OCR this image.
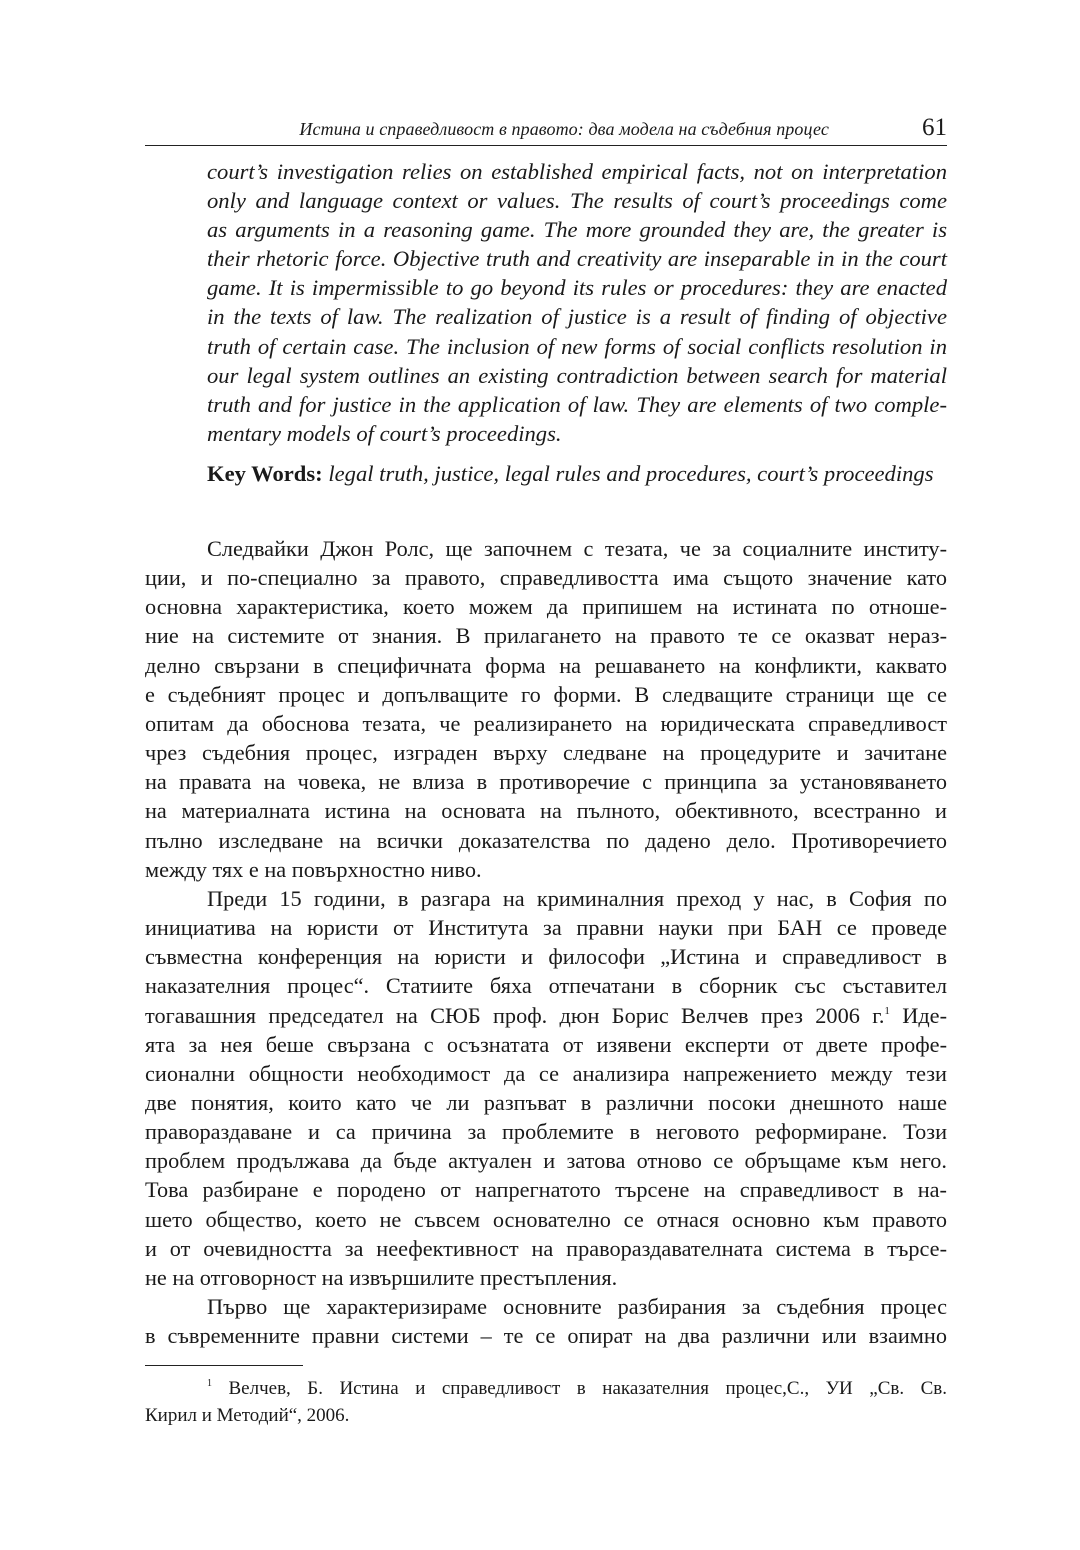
Истина и справедливост в правото: два модела на съдебния процес	61
court’s investigation relies on established empirical facts, not on interpretation
only and language context or values. The results of court’s proceedings come
as arguments in a reasoning game. The more grounded they are, the greater is
their rhetoric force. Objective truth and creativity are inseparable in in the court
game. It is impermissible to go beyond its rules or procedures: they are enacted
in the texts of law. The realization of justice is a result of finding of objective
truth of certain case. The inclusion of new forms of social conflicts resolution in
our legal system outlines an existing contradiction between search for material
truth and for justice in the application of law. They are elements of two comple-
mentary models of court’s proceedings.
Key Words: legal truth, justice, legal rules and procedures, court’s proceedings
Следвайки Джон Ролс, ще започнем с тезата, че за социалните институ-
ции, и по-специално за правото, справедливостта има същото значение като
основна характеристика, което можем да припишем на истината по отноше-
ние на системите от знания. В прилагането на правото те се оказват нераз-
делно свързани в специфичната форма на решаването на конфликти, каквато
е съдебният процес и допълващите го форми. В следващите страници ще се
опитам да обосновa тезата, че реализирането на юридическата справедливост
чрез съдебния процес, изграден върху следване на процедурите и зачитане
на правата на човека, не влиза в противоречие с принципа за установяването
на материалната истина на основата на пълното, обективното, всестранно и
пълно изследване на всички доказателства по дадено дело. Противоречието
между тях е на повърхностно ниво.
Преди 15 години, в разгара на криминалния преход у нас, в София по
инициатива на юристи от Института за правни науки при БАН се проведе
съвместна конференция на юристи и философи „Истина и справедливост в
наказателния процес“. Статиите бяха отпечатани в сборник със съставител
тогавашния председател на СЮБ проф. дюн Борис Велчев през 2006 г.$^1$ Иде-
ята за нея беше свързана с осъзнатата от изявени експерти от двете профе-
сионални общности необходимост да се анализира напрежението между тези
две понятия, които като че ли разпъват в различни посоки днешното наше
правораздаване и са причина за проблемите в неговото реформиране. Този
проблем продължава да бъде актуален и затова отново се обръщаме към него.
Това разбиране е породено от напрегнатото търсене на справедливост в на-
шето общество, което не съвсем основателно се отнася основно към правото
и от очевидността за неефективност на правораздавателната система в търсе-
не на отговорност на извършилите престъпления.
Първо ще характеризираме основните разбирания за съдебния процес
в съвременните правни системи – те се опират на два различни или взаимно
$^1$ Велчев, Б. Истина и справедливост в наказателния процес,С., УИ „Св. Св.
Кирил и Методий“, 2006.
